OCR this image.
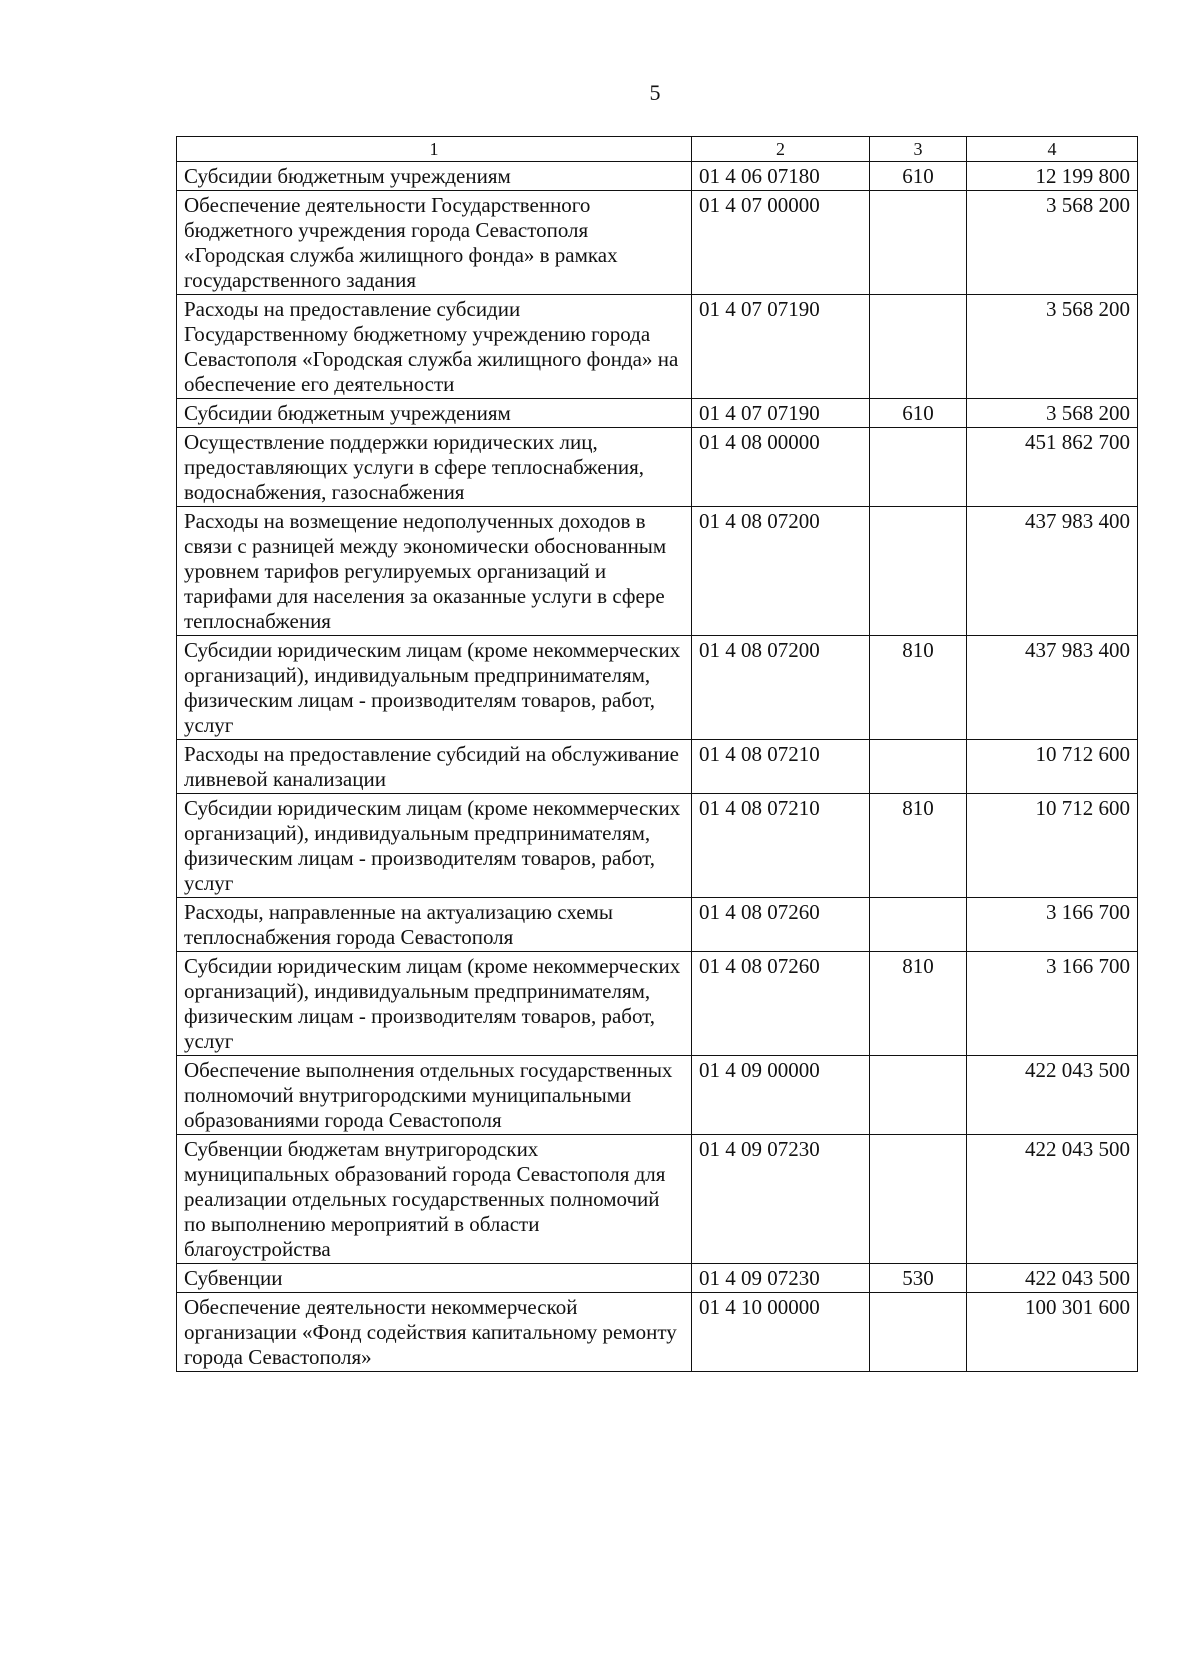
5
1	2	3	4
Субсидии бюджетным учреждениям	01 4 06 07180	610	12 199 800
Обеспечение деятельности Государственного бюджетного учреждения города Севастополя «Городская служба жилищного фонда» в рамках государственного задания	01 4 07 00000		3 568 200
Расходы на предоставление субсидии Государственному бюджетному учреждению города Севастополя «Городская служба жилищного фонда» на обеспечение его деятельности	01 4 07 07190		3 568 200
Субсидии бюджетным учреждениям	01 4 07 07190	610	3 568 200
Осуществление поддержки юридических лиц, предоставляющих услуги в сфере теплоснабжения, водоснабжения, газоснабжения	01 4 08 00000		451 862 700
Расходы на возмещение недополученных доходов в связи с разницей между экономически обоснованным уровнем тарифов регулируемых организаций и тарифами для населения за оказанные услуги в сфере теплоснабжения	01 4 08 07200		437 983 400
Субсидии юридическим лицам (кроме некоммерческих организаций), индивидуальным предпринимателям, физическим лицам - производителям товаров, работ, услуг	01 4 08 07200	810	437 983 400
Расходы на предоставление субсидий на обслуживание ливневой канализации	01 4 08 07210		10 712 600
Субсидии юридическим лицам (кроме некоммерческих организаций), индивидуальным предпринимателям, физическим лицам - производителям товаров, работ, услуг	01 4 08 07210	810	10 712 600
Расходы, направленные на актуализацию схемы теплоснабжения города Севастополя	01 4 08 07260		3 166 700
Субсидии юридическим лицам (кроме некоммерческих организаций), индивидуальным предпринимателям, физическим лицам - производителям товаров, работ, услуг	01 4 08 07260	810	3 166 700
Обеспечение выполнения отдельных государственных полномочий внутригородскими муниципальными образованиями города Севастополя	01 4 09 00000		422 043 500
Субвенции бюджетам внутригородских муниципальных образований города Севастополя для реализации отдельных государственных полномочий по выполнению мероприятий в области благоустройства	01 4 09 07230		422 043 500
Субвенции	01 4 09 07230	530	422 043 500
Обеспечение деятельности некоммерческой организации «Фонд содействия капитальному ремонту города Севастополя»	01 4 10 00000		100 301 600
